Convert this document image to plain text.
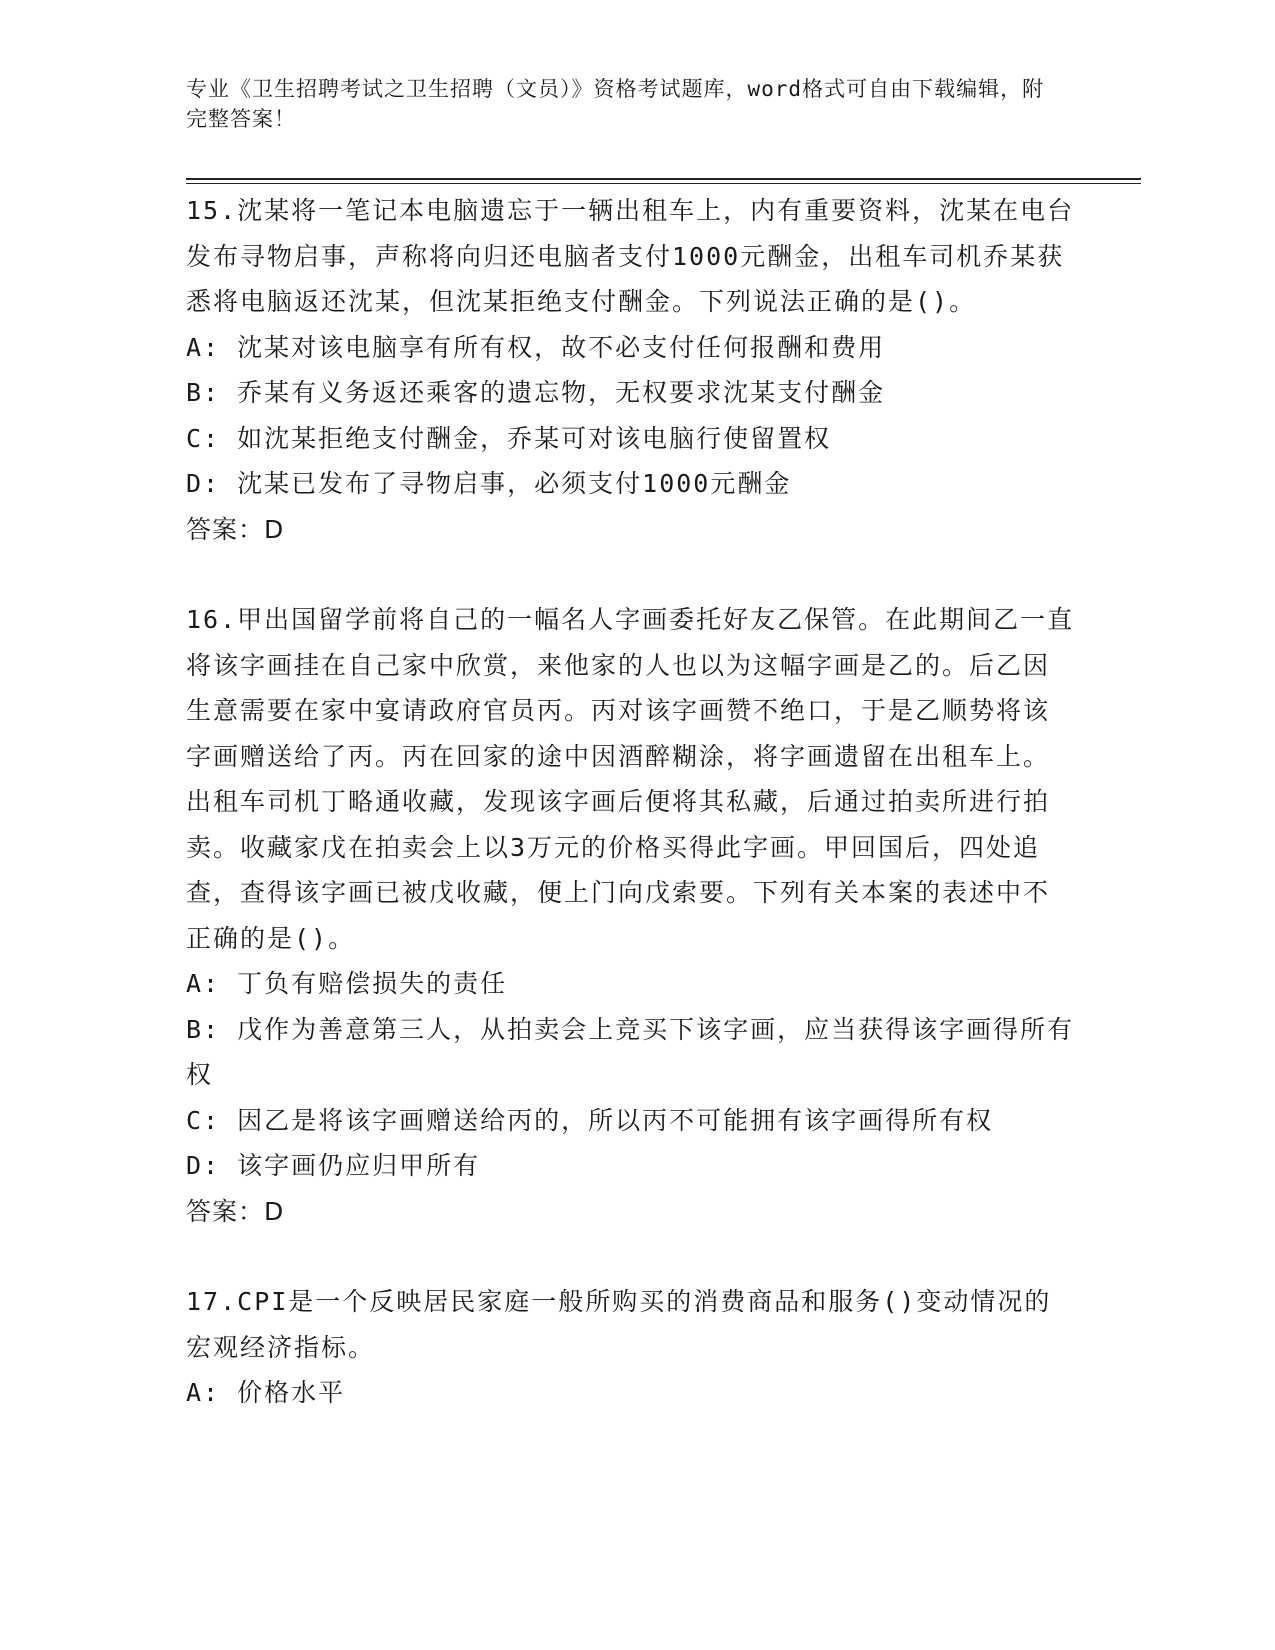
专业《卫生招聘考试之卫生招聘（文员）》资格考试题库，word格式可自由下载编辑，附完整答案！

15.沈某将一笔记本电脑遗忘于一辆出租车上，内有重要资料，沈某在电台发布寻物启事，声称将向归还电脑者支付1000元酬金，出租车司机乔某获悉将电脑返还沈某，但沈某拒绝支付酬金。下列说法正确的是()。

A: 沈某对该电脑享有所有权，故不必支付任何报酬和费用

B: 乔某有义务返还乘客的遗忘物，无权要求沈某支付酬金

C: 如沈某拒绝支付酬金，乔某可对该电脑行使留置权

D: 沈某已发布了寻物启事，必须支付1000元酬金

答案：D

16.甲出国留学前将自己的一幅名人字画委托好友乙保管。在此期间乙一直将该字画挂在自己家中欣赏，来他家的人也以为这幅字画是乙的。后乙因生意需要在家中宴请政府官员丙。丙对该字画赞不绝口，于是乙顺势将该字画赠送给了丙。丙在回家的途中因酒醉糊涂，将字画遗留在出租车上。出租车司机丁略通收藏，发现该字画后便将其私藏，后通过拍卖所进行拍卖。收藏家戊在拍卖会上以3万元的价格买得此字画。甲回国后，四处追查，查得该字画已被戊收藏，便上门向戊索要。下列有关本案的表述中不正确的是()。

A: 丁负有赔偿损失的责任

B: 戊作为善意第三人，从拍卖会上竞买下该字画，应当获得该字画得所有权

C: 因乙是将该字画赠送给丙的，所以丙不可能拥有该字画得所有权

D: 该字画仍应归甲所有

答案：D

17.CPI是一个反映居民家庭一般所购买的消费商品和服务()变动情况的宏观经济指标。

A: 价格水平
